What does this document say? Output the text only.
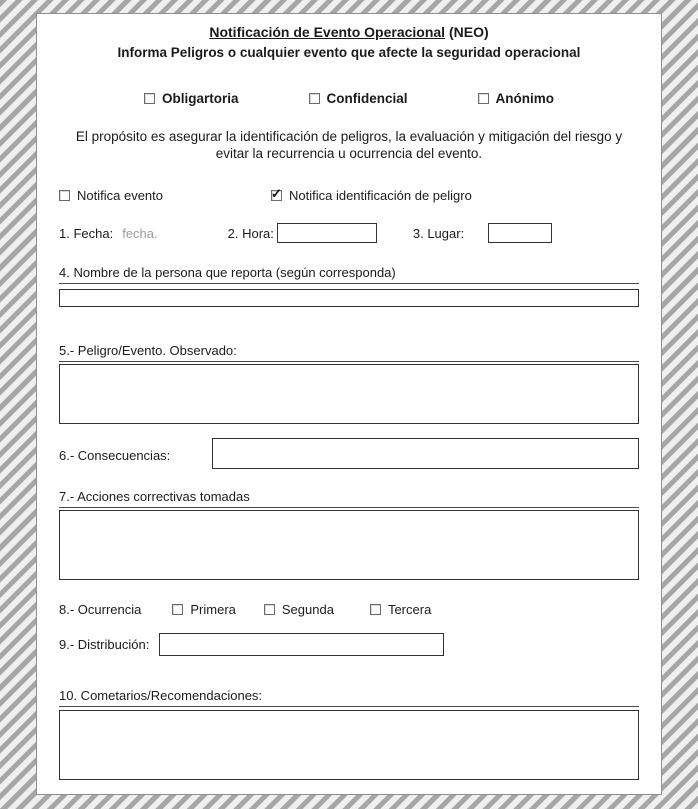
Notificación de Evento Operacional (NEO)
Informa Peligros o cualquier evento que afecte la seguridad operacional
Obligartoria	Confidencial	Anónimo

El propósito es asegurar la identificación de peligros, la evaluación y mitigación del riesgo y evitar la recurrencia u ocurrencia del evento.

Notifica evento ✓	Notifica identificación de peligro
1. Fecha: fecha.	2. Hora:	3. Lugar:
4. Nombre de la persona que reporta (según corresponda)
5.- Peligro/Evento. Observado:
6.- Consecuencias:
7.- Acciones correctivas tomadas
8.- Ocurrencia	Primera	Segunda	Tercera
9.- Distribución:
10. Cometarios/Recomendaciones:
